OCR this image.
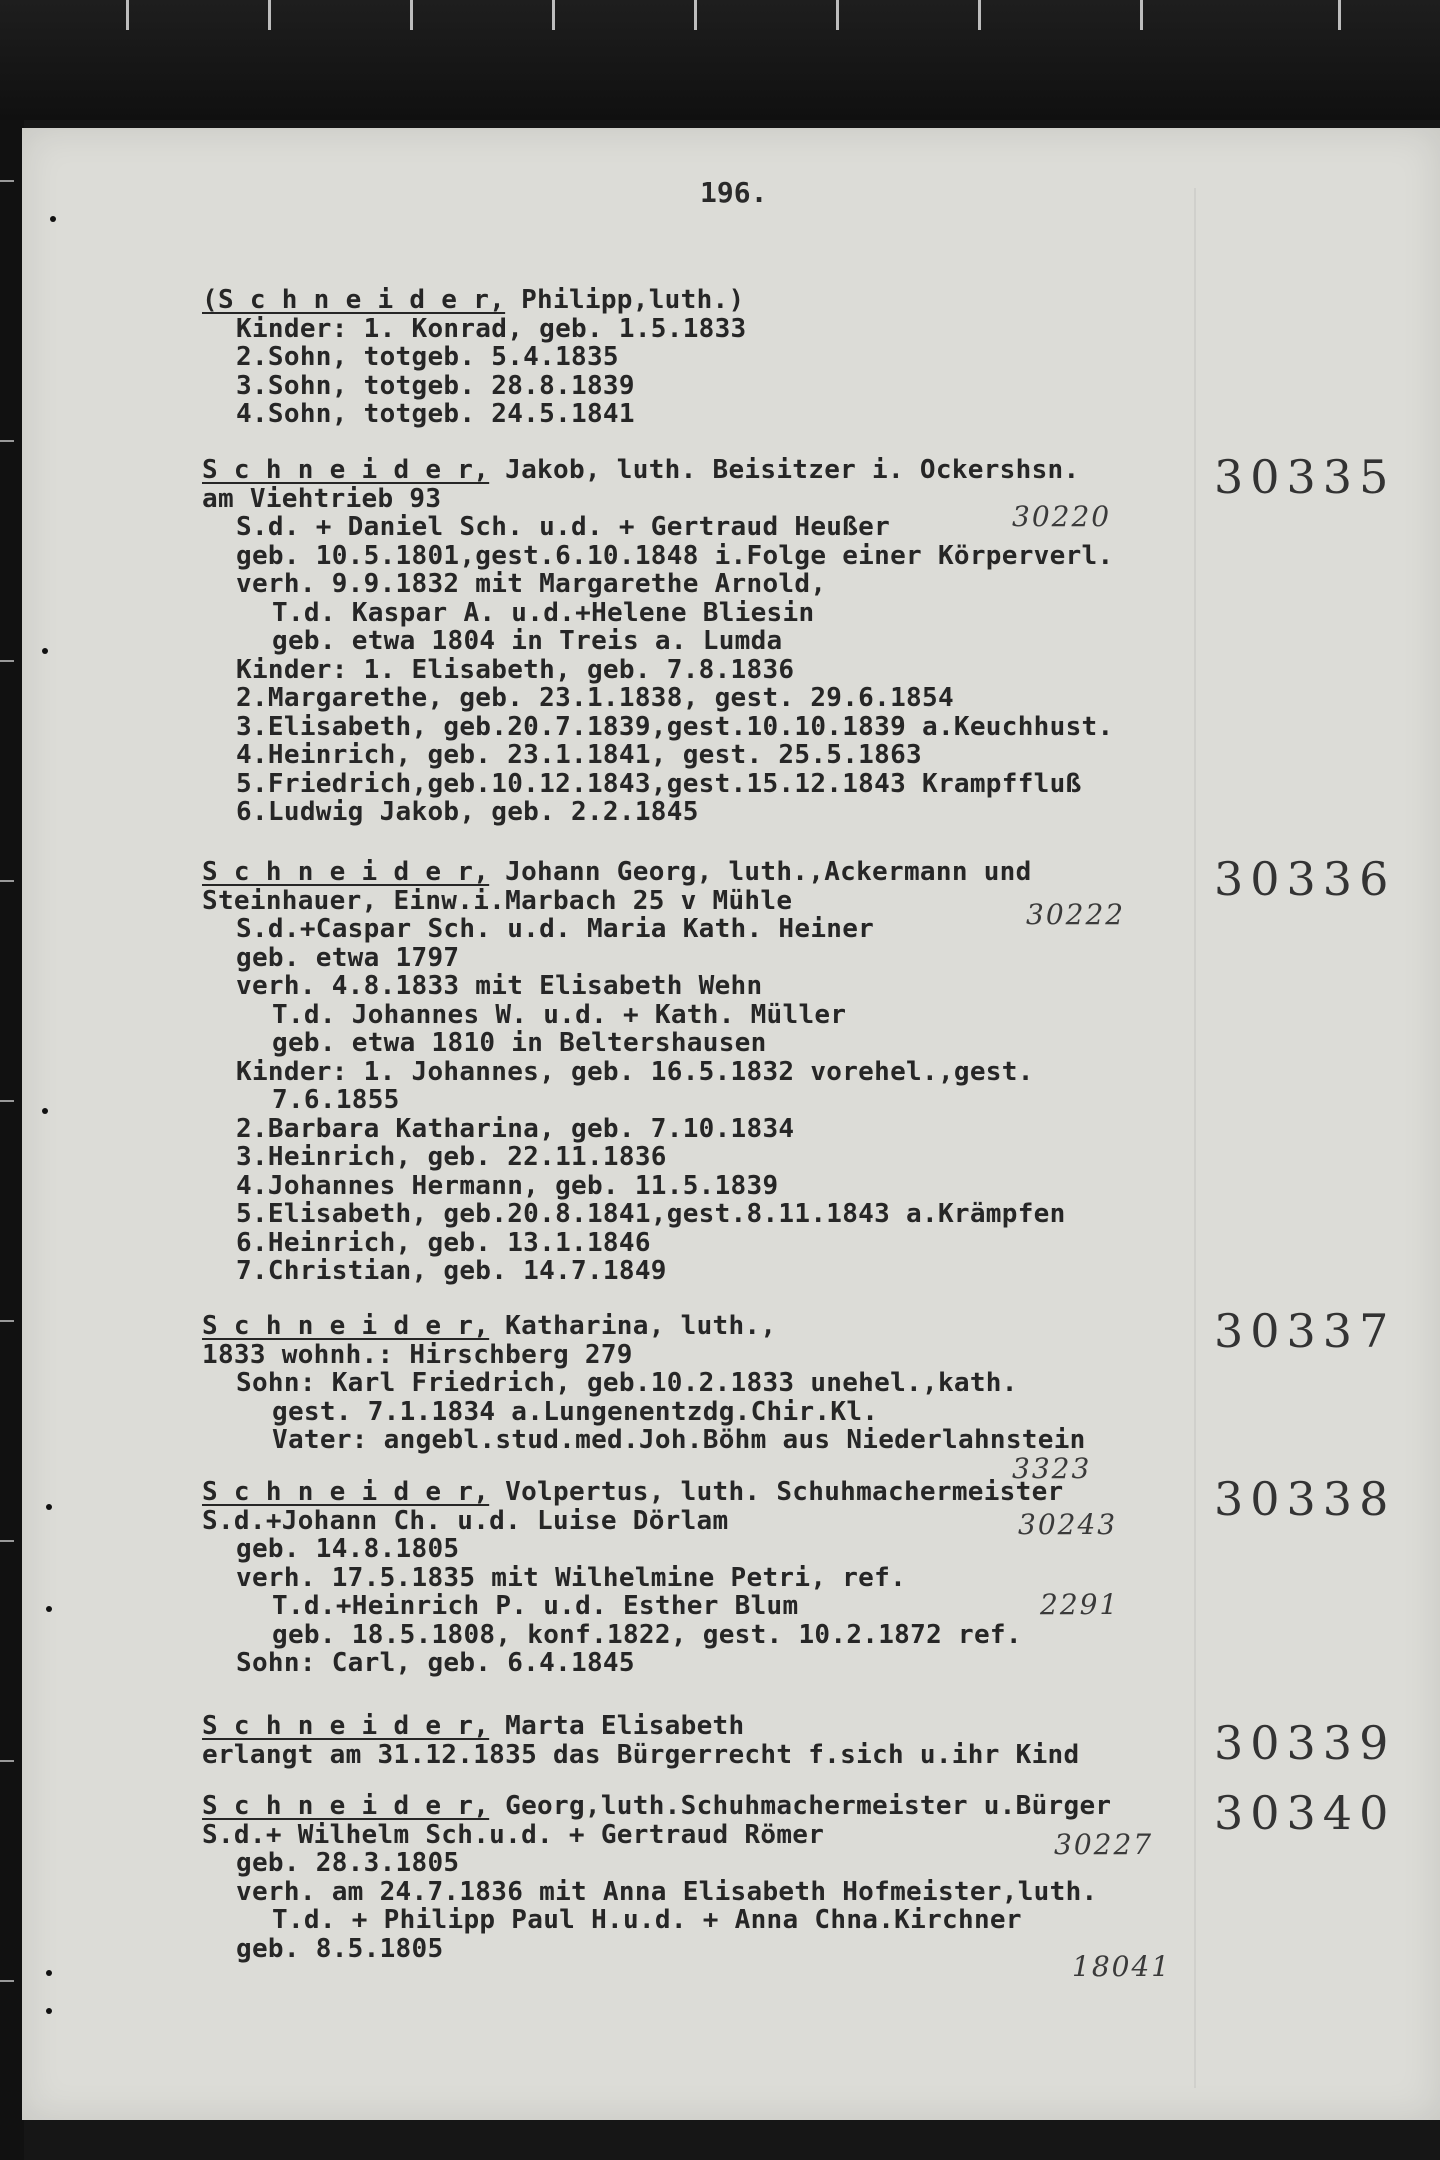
196.
(S c h n e i d e r, Philipp,luth.)
Kinder: 1. Konrad, geb. 1.5.1833
2.Sohn, totgeb. 5.4.1835
3.Sohn, totgeb. 28.8.1839
4.Sohn, totgeb. 24.5.1841
30335
30220
S c h n e i d e r, Jakob, luth. Beisitzer i. Ockershsn.
am Viehtrieb 93
S.d. + Daniel Sch. u.d. + Gertraud Heußer
geb. 10.5.1801,gest.6.10.1848 i.Folge einer Körperverl.
verh. 9.9.1832 mit Margarethe Arnold,
T.d. Kaspar A. u.d.+Helene Bliesin
geb. etwa 1804 in Treis a. Lumda
Kinder: 1. Elisabeth, geb. 7.8.1836
2.Margarethe, geb. 23.1.1838, gest. 29.6.1854
3.Elisabeth, geb.20.7.1839,gest.10.10.1839 a.Keuchhust.
4.Heinrich, geb. 23.1.1841, gest. 25.5.1863
5.Friedrich,geb.10.12.1843,gest.15.12.1843 Krampffluß
6.Ludwig Jakob, geb. 2.2.1845
30336
30222
S c h n e i d e r, Johann Georg, luth.,Ackermann und
Steinhauer, Einw.i.Marbach 25 v Mühle
S.d.+Caspar Sch. u.d. Maria Kath. Heiner
geb. etwa 1797
verh. 4.8.1833 mit Elisabeth Wehn
T.d. Johannes W. u.d. + Kath. Müller
geb. etwa 1810 in Beltershausen
Kinder: 1. Johannes, geb. 16.5.1832 vorehel.,gest.
7.6.1855
2.Barbara Katharina, geb. 7.10.1834
3.Heinrich, geb. 22.11.1836
4.Johannes Hermann, geb. 11.5.1839
5.Elisabeth, geb.20.8.1841,gest.8.11.1843 a.Krämpfen
6.Heinrich, geb. 13.1.1846
7.Christian, geb. 14.7.1849
30337
3323
S c h n e i d e r, Katharina, luth.,
1833 wohnh.: Hirschberg 279
Sohn: Karl Friedrich, geb.10.2.1833 unehel.,kath.
gest. 7.1.1834 a.Lungenentzdg.Chir.Kl.
Vater: angebl.stud.med.Joh.Böhm aus Niederlahnstein
30338
30243
2291
S c h n e i d e r, Volpertus, luth. Schuhmachermeister
S.d.+Johann Ch. u.d. Luise Dörlam
geb. 14.8.1805
verh. 17.5.1835 mit Wilhelmine Petri, ref.
T.d.+Heinrich P. u.d. Esther Blum
geb. 18.5.1808, konf.1822, gest. 10.2.1872 ref.
Sohn: Carl, geb. 6.4.1845
30339
S c h n e i d e r, Marta Elisabeth
erlangt am 31.12.1835 das Bürgerrecht f.sich u.ihr Kind
30340
30227
18041
S c h n e i d e r, Georg,luth.Schuhmachermeister u.Bürger
S.d.+ Wilhelm Sch.u.d. + Gertraud Römer
geb. 28.3.1805
verh. am 24.7.1836 mit Anna Elisabeth Hofmeister,luth.
T.d. + Philipp Paul H.u.d. + Anna Chna.Kirchner
geb. 8.5.1805
